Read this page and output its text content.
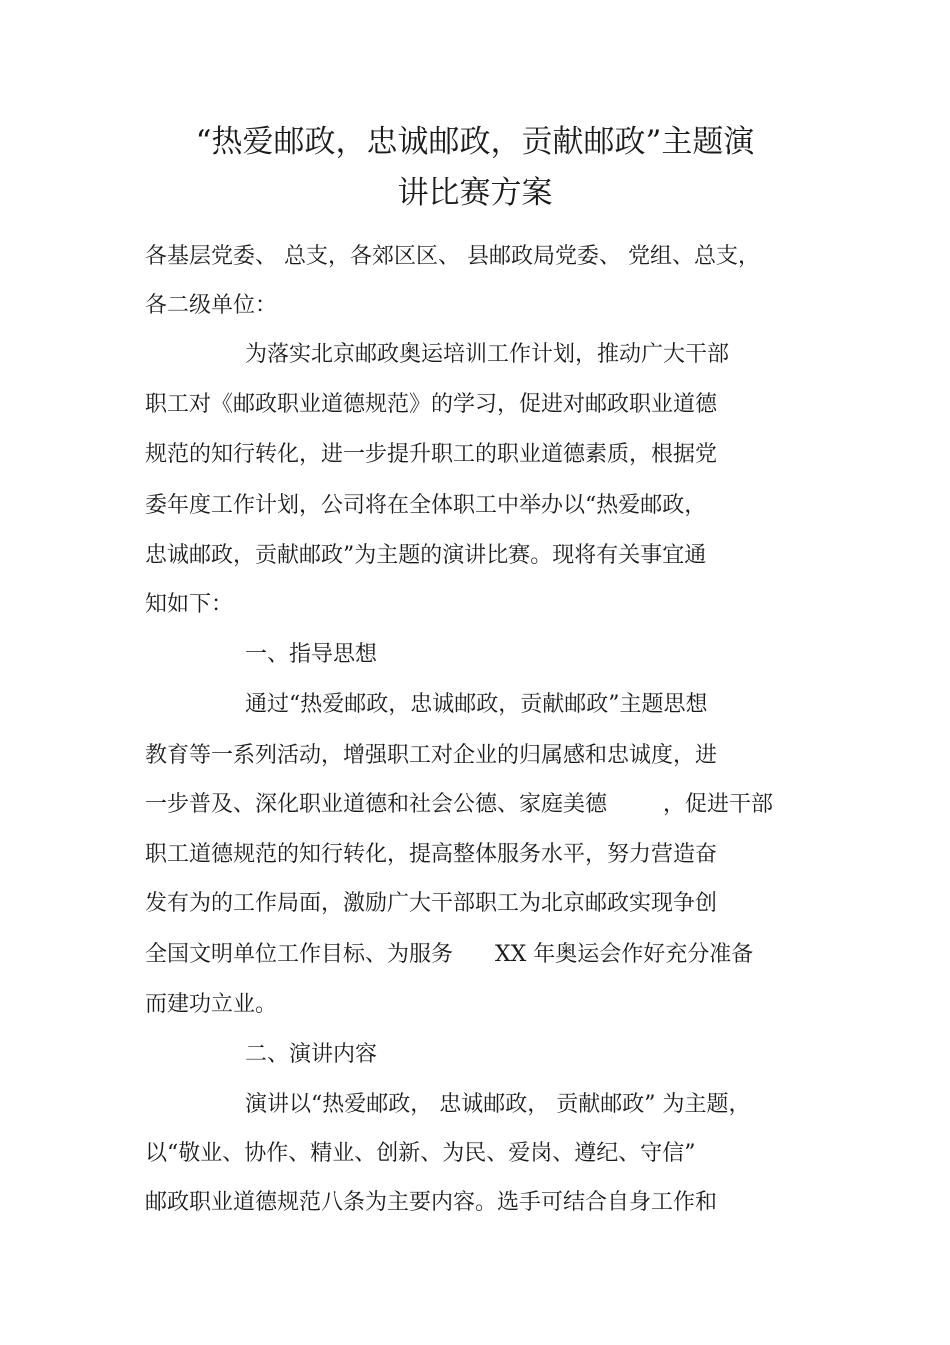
“热爱邮政，忠诚邮政，贡献邮政”主题演
讲比赛方案
各基层党委、 总支，各郊区区、 县邮政局党委、 党组、总支，
各二级单位：
为落实北京邮政奥运培训工作计划，推动广大干部
职工对《邮政职业道德规范》的学习，促进对邮政职业道德
规范的知行转化，进一步提升职工的职业道德素质，根据党
委年度工作计划，公司将在全体职工中举办以“热爱邮政，
忠诚邮政，贡献邮政”为主题的演讲比赛。现将有关事宜通
知如下：
一、指导思想
通过“热爱邮政，忠诚邮政，贡献邮政”主题思想
教育等一系列活动，增强职工对企业的归属感和忠诚度，进
一步普及、深化职业道德和社会公德、家庭美德        ，促进干部
职工道德规范的知行转化，提高整体服务水平，努力营造奋
发有为的工作局面，激励广大干部职工为北京邮政实现争创
全国文明单位工作目标、为服务      XX 年奥运会作好充分准备
而建功立业。
二、演讲内容
演讲以“热爱邮政， 忠诚邮政， 贡献邮政” 为主题，
以“敬业、协作、精业、创新、为民、爱岗、遵纪、守信”
邮政职业道德规范八条为主要内容。选手可结合自身工作和
